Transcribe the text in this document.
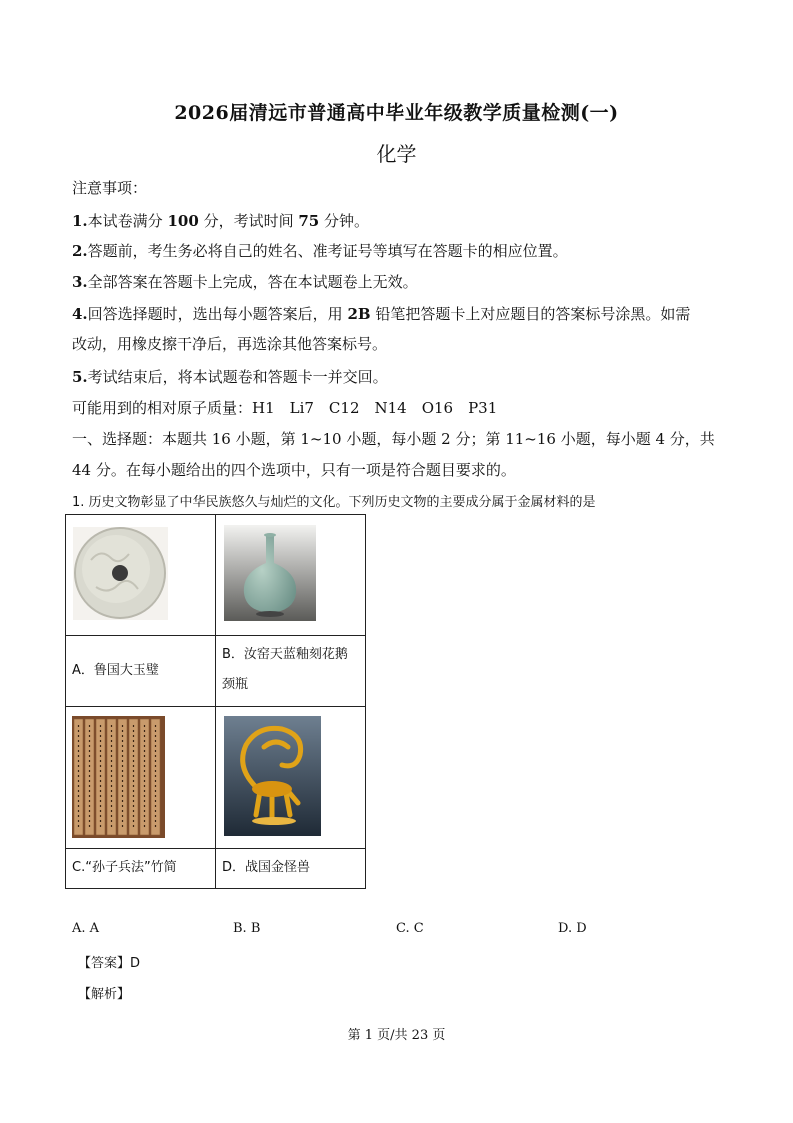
2026届清远市普通高中毕业年级教学质量检测(一)
化学
注意事项：
1.本试卷满分 100 分，考试时间 75 分钟。
2.答题前，考生务必将自己的姓名、准考证号等填写在答题卡的相应位置。
3.全部答案在答题卡上完成，答在本试题卷上无效。
4.回答选择题时，选出每小题答案后，用 2B 铅笔把答题卡上对应题目的答案标号涂黑。如需
改动，用橡皮擦干净后，再选涂其他答案标号。
5.考试结束后，将本试题卷和答题卡一并交回。
可能用到的相对原子质量：H1　Li7　C12　N14　O16　P31
一、选择题：本题共 16 小题，第 1~10 小题，每小题 2 分；第 11~16 小题，每小题 4 分，共
44 分。在每小题给出的四个选项中，只有一项是符合题目要求的。
1. 历史文物彰显了中华民族悠久与灿烂的文化。下列历史文物的主要成分属于金属材料的是

A．鲁国大玉璧	B．汝窑天蓝釉刻花鹅
颈瓶

C.“孙子兵法”竹简	D．战国金怪兽
A. A	B. B	C. C	D. D
【答案】D
【解析】
第 1 页/共 23 页
